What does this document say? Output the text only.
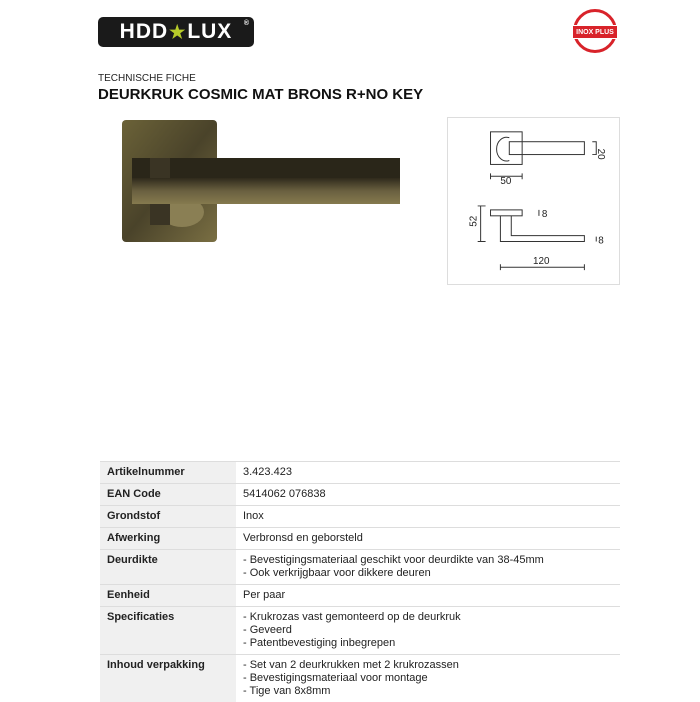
HDD ★ LUX ®
INOX PLUS
TECHNISCHE FICHE
DEURKRUK COSMIC MAT BRONS R+NO KEY
20
50
8
52
8
120
Artikelnummer	3.423.423
EAN Code	5414062 076838
Grondstof	Inox
Afwerking	Verbronsd en geborsteld
Deurdikte	- Bevestigingsmateriaal geschikt voor deurdikte van 38-45mm
- Ook verkrijgbaar voor dikkere deuren
Eenheid	Per paar
Specificaties	- Krukrozas vast gemonteerd op de deurkruk
- Geveerd
- Patentbevestiging inbegrepen
Inhoud verpakking	- Set van 2 deurkrukken met 2 krukrozassen
- Bevestigingsmateriaal voor montage
- Tige van 8x8mm
